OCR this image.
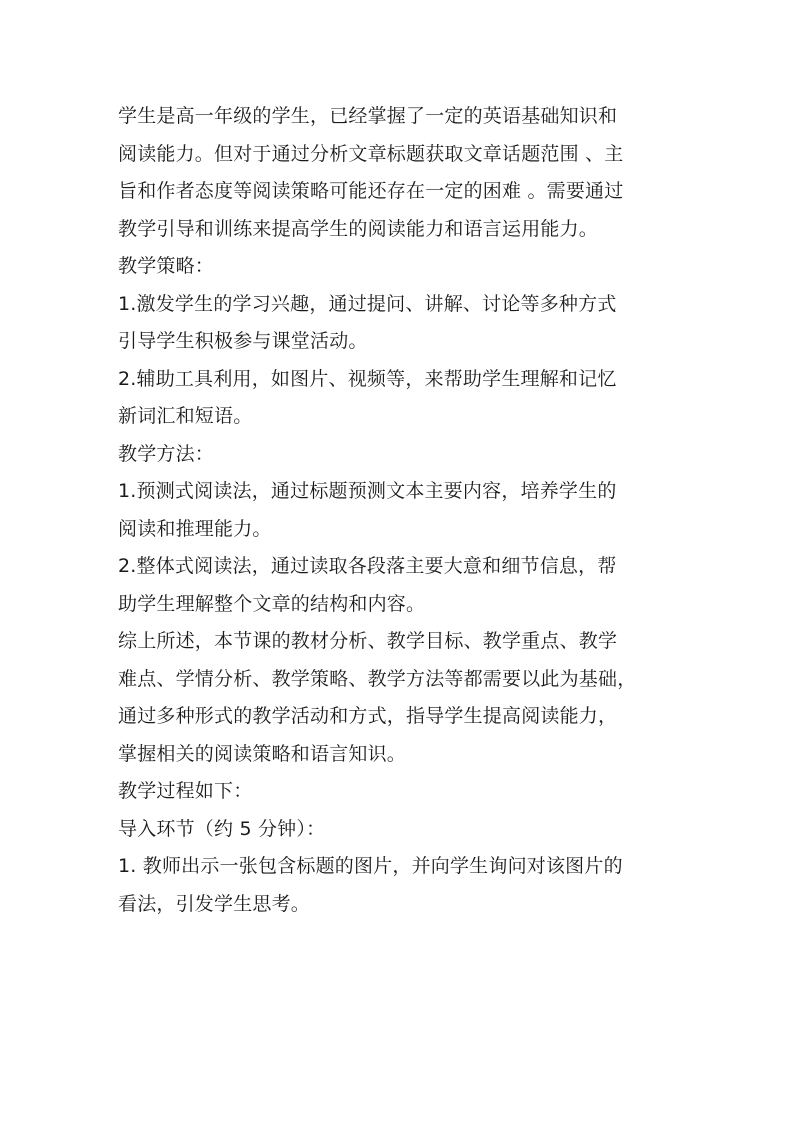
学生是高一年级的学生，已经掌握了一定的英语基础知识和
阅读能力。但对于通过分析文章标题获取文章话题范围 、主
旨和作者态度等阅读策略可能还存在一定的困难 。需要通过
教学引导和训练来提高学生的阅读能力和语言运用能力。
教学策略：
1.激发学生的学习兴趣，通过提问、讲解、讨论等多种方式
引导学生积极参与课堂活动。
2.辅助工具利用，如图片、视频等，来帮助学生理解和记忆
新词汇和短语。
教学方法：
1.预测式阅读法，通过标题预测文本主要内容，培养学生的
阅读和推理能力。
2.整体式阅读法，通过读取各段落主要大意和细节信息，帮
助学生理解整个文章的结构和内容。
综上所述，本节课的教材分析、教学目标、教学重点、教学
难点、学情分析、教学策略、教学方法等都需要以此为基础，
通过多种形式的教学活动和方式，指导学生提高阅读能力，
掌握相关的阅读策略和语言知识。
教学过程如下：
导入环节（约 5 分钟）：
1. 教师出示一张包含标题的图片，并向学生询问对该图片的
看法，引发学生思考。
